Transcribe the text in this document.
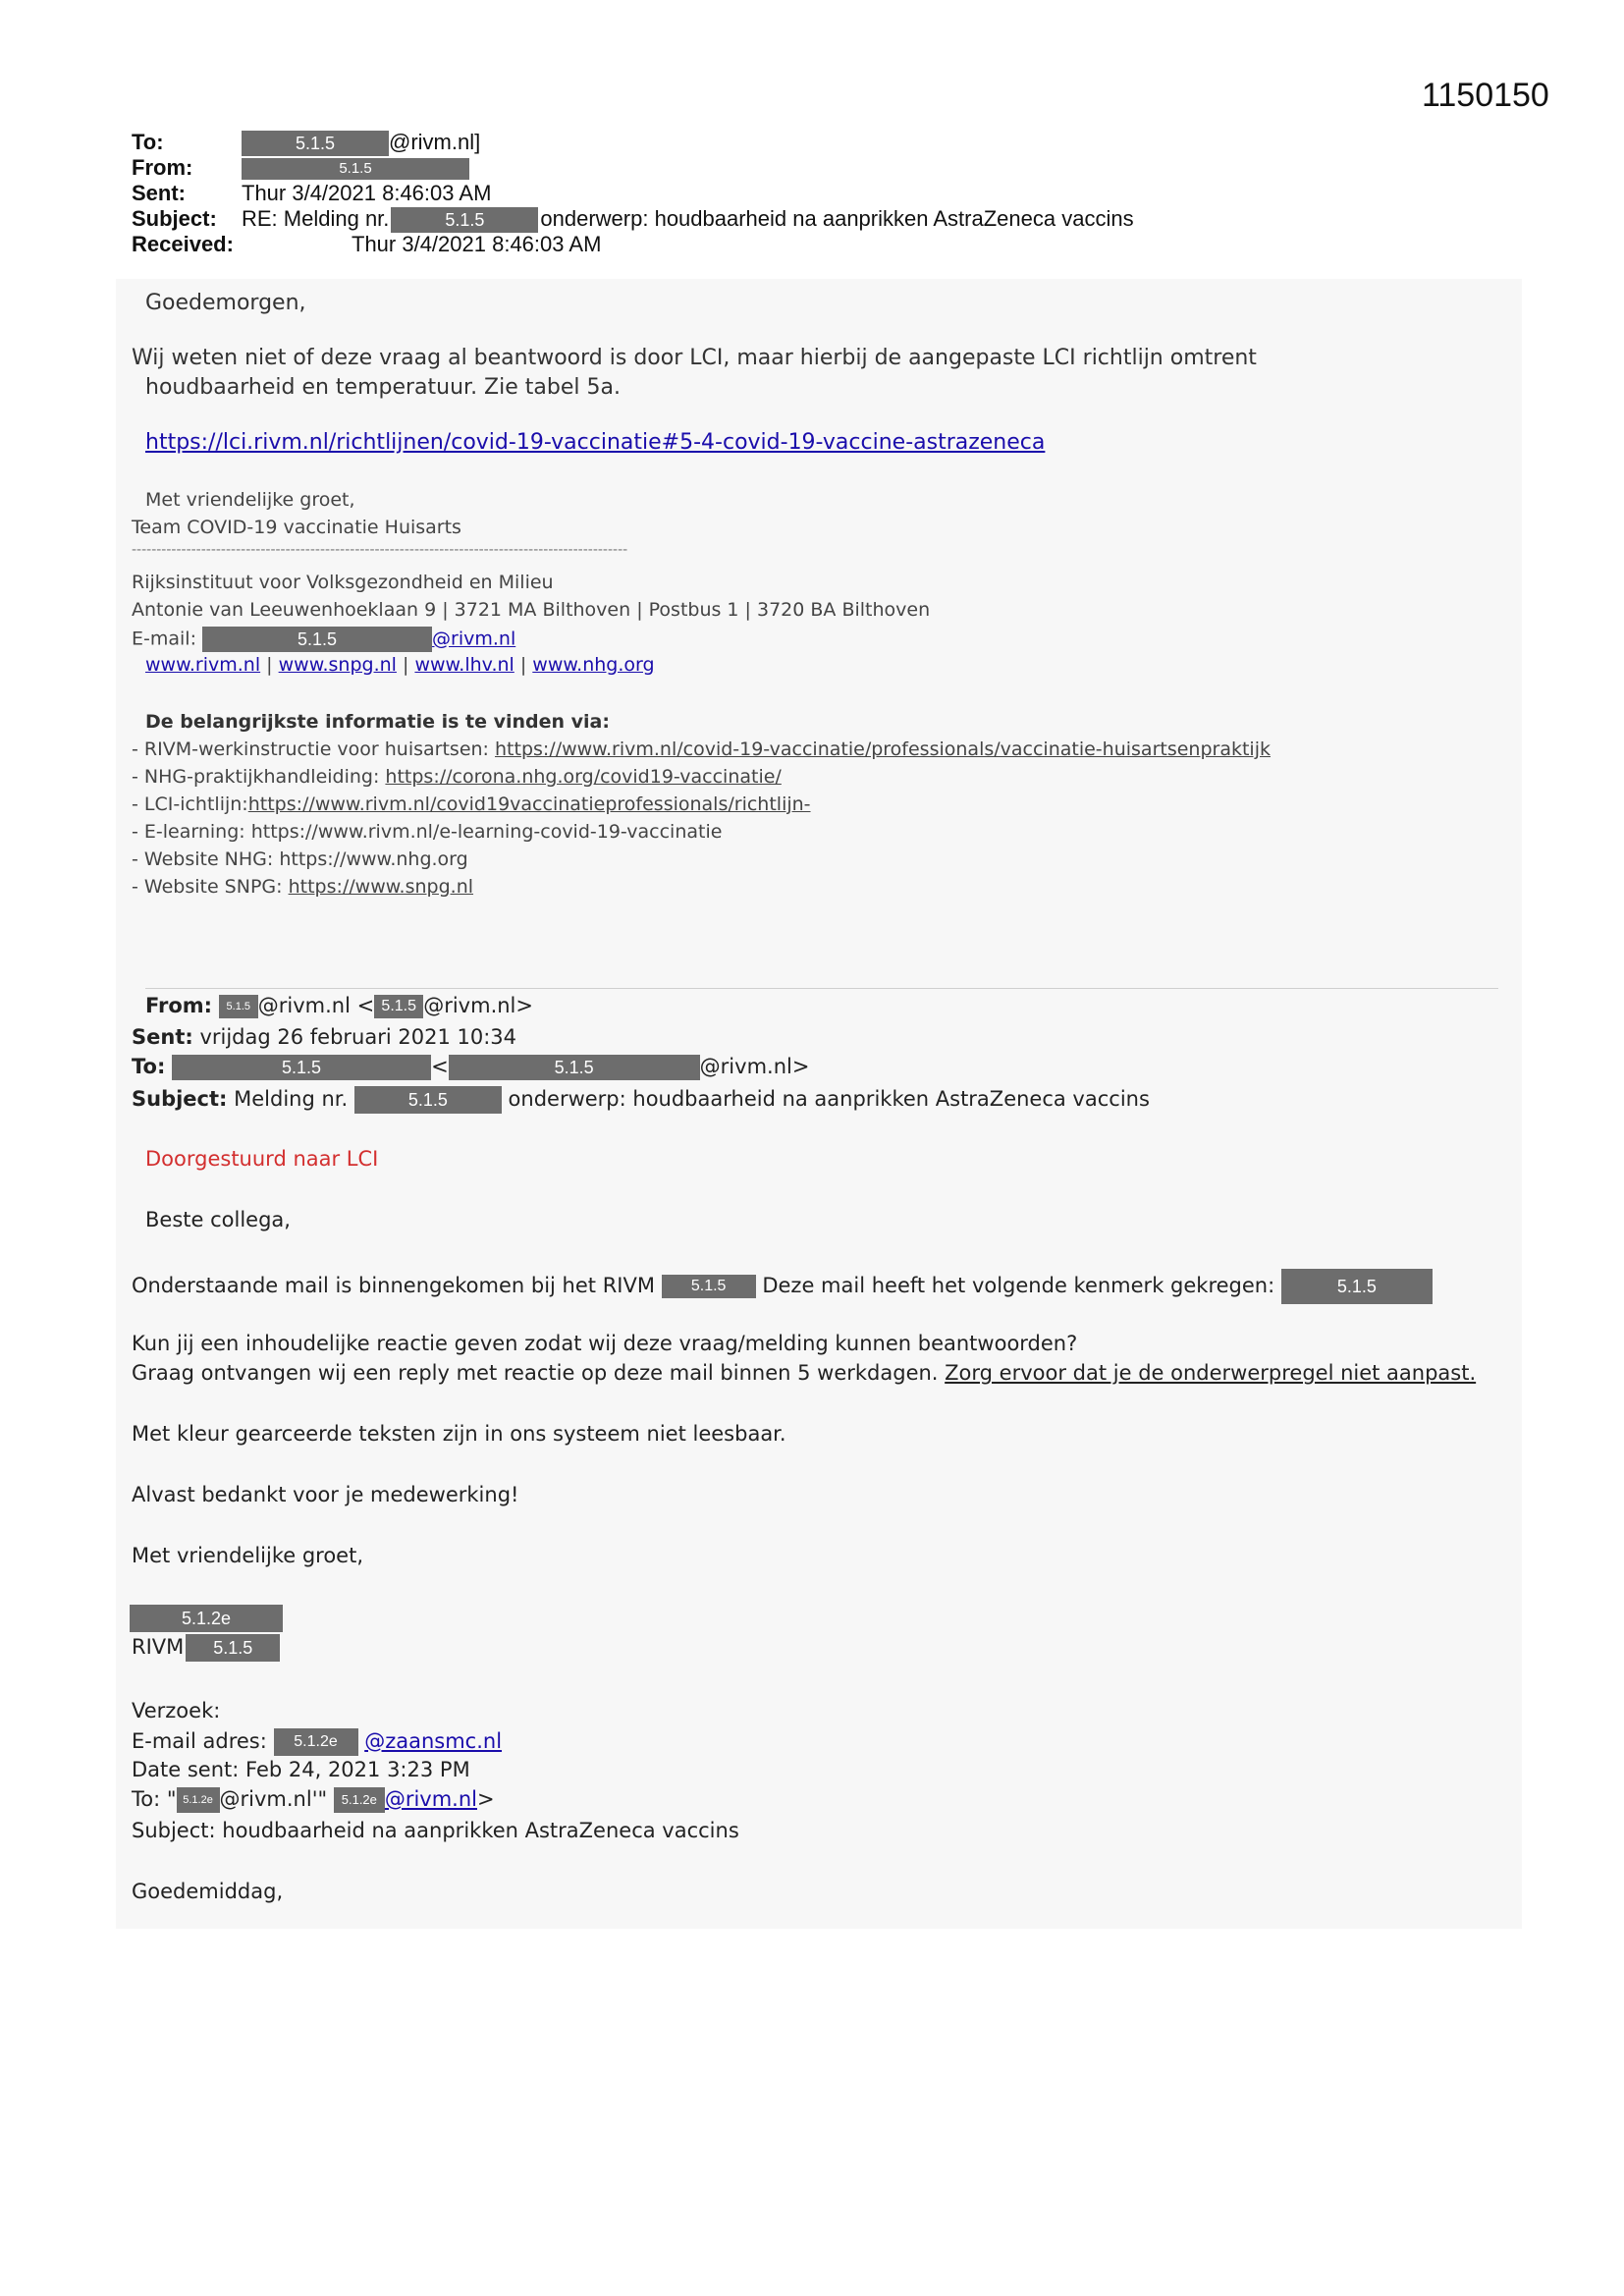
1150150
To:	5.1.5 @rivm.nl]
From:	5.1.5
Sent:	Thur 3/4/2021 8:46:03 AM
Subject: RE: Melding nr.	5.1.5	onderwerp: houdbaarheid na aanprikken AstraZeneca vaccins
Received:	Thur 3/4/2021 8:46:03 AM
Goedemorgen,
Wij weten niet of deze vraag al beantwoord is door LCI, maar hierbij de aangepaste LCI richtlijn omtrent
houdbaarheid en temperatuur. Zie tabel 5a.
https://lci.rivm.nl/richtlijnen/covid-19-vaccinatie#5-4-covid-19-vaccine-astrazeneca
Met vriendelijke groet,
Team COVID-19 vaccinatie Huisarts
----------------------------------------------------------------------------------------------------
Rijksinstituut voor Volksgezondheid en Milieu
Antonie van Leeuwenhoeklaan 9 | 3721 MA Bilthoven | Postbus 1 | 3720 BA Bilthoven
E-mail:	5.1.5	@rivm.nl
www.rivm.nl | www.snpg.nl | www.lhv.nl | www.nhg.org
De belangrijkste informatie is te vinden via:
- RIVM-werkinstructie voor huisartsen: https://www.rivm.nl/covid-19-vaccinatie/professionals/vaccinatie-huisartsenpraktijk
- NHG-praktijkhandleiding: https://corona.nhg.org/covid19-vaccinatie/
- LCI-ichtlijn:https://www.rivm.nl/covid19vaccinatieprofessionals/richtlijn-
- E-learning: https://www.rivm.nl/e-learning-covid-19-vaccinatie
- Website NHG: https://www.nhg.org
- Website SNPG: https://www.snpg.nl
From: 5.1.5 @rivm.nl < 5.1.5 @rivm.nl>
Sent: vrijdag 26 februari 2021 10:34
To:	5.1.5	<	5.1.5	@rivm.nl>
Subject: Melding nr.	5.1.5	onderwerp: houdbaarheid na aanprikken AstraZeneca vaccins
Doorgestuurd naar LCI
Beste collega,
Onderstaande mail is binnengekomen bij het RIVM 5.1.5 Deze mail heeft het volgende kenmerk gekregen:	5.1.5
Kun jij een inhoudelijke reactie geven zodat wij deze vraag/melding kunnen beantwoorden?
Graag ontvangen wij een reply met reactie op deze mail binnen 5 werkdagen. Zorg ervoor dat je de onderwerpregel niet aanpast.
Met kleur gearceerde teksten zijn in ons systeem niet leesbaar.
Alvast bedankt voor je medewerking!
Met vriendelijke groet,
5.1.2e
RIVM 5.1.5
Verzoek:
E-mail adres: 5.1.2e @zaansmc.nl
Date sent: Feb 24, 2021 3:23 PM
To: " 5.1.2e @rivm.nl'" 5.1.2e @rivm.nl>
Subject: houdbaarheid na aanprikken AstraZeneca vaccins
Goedemiddag,
